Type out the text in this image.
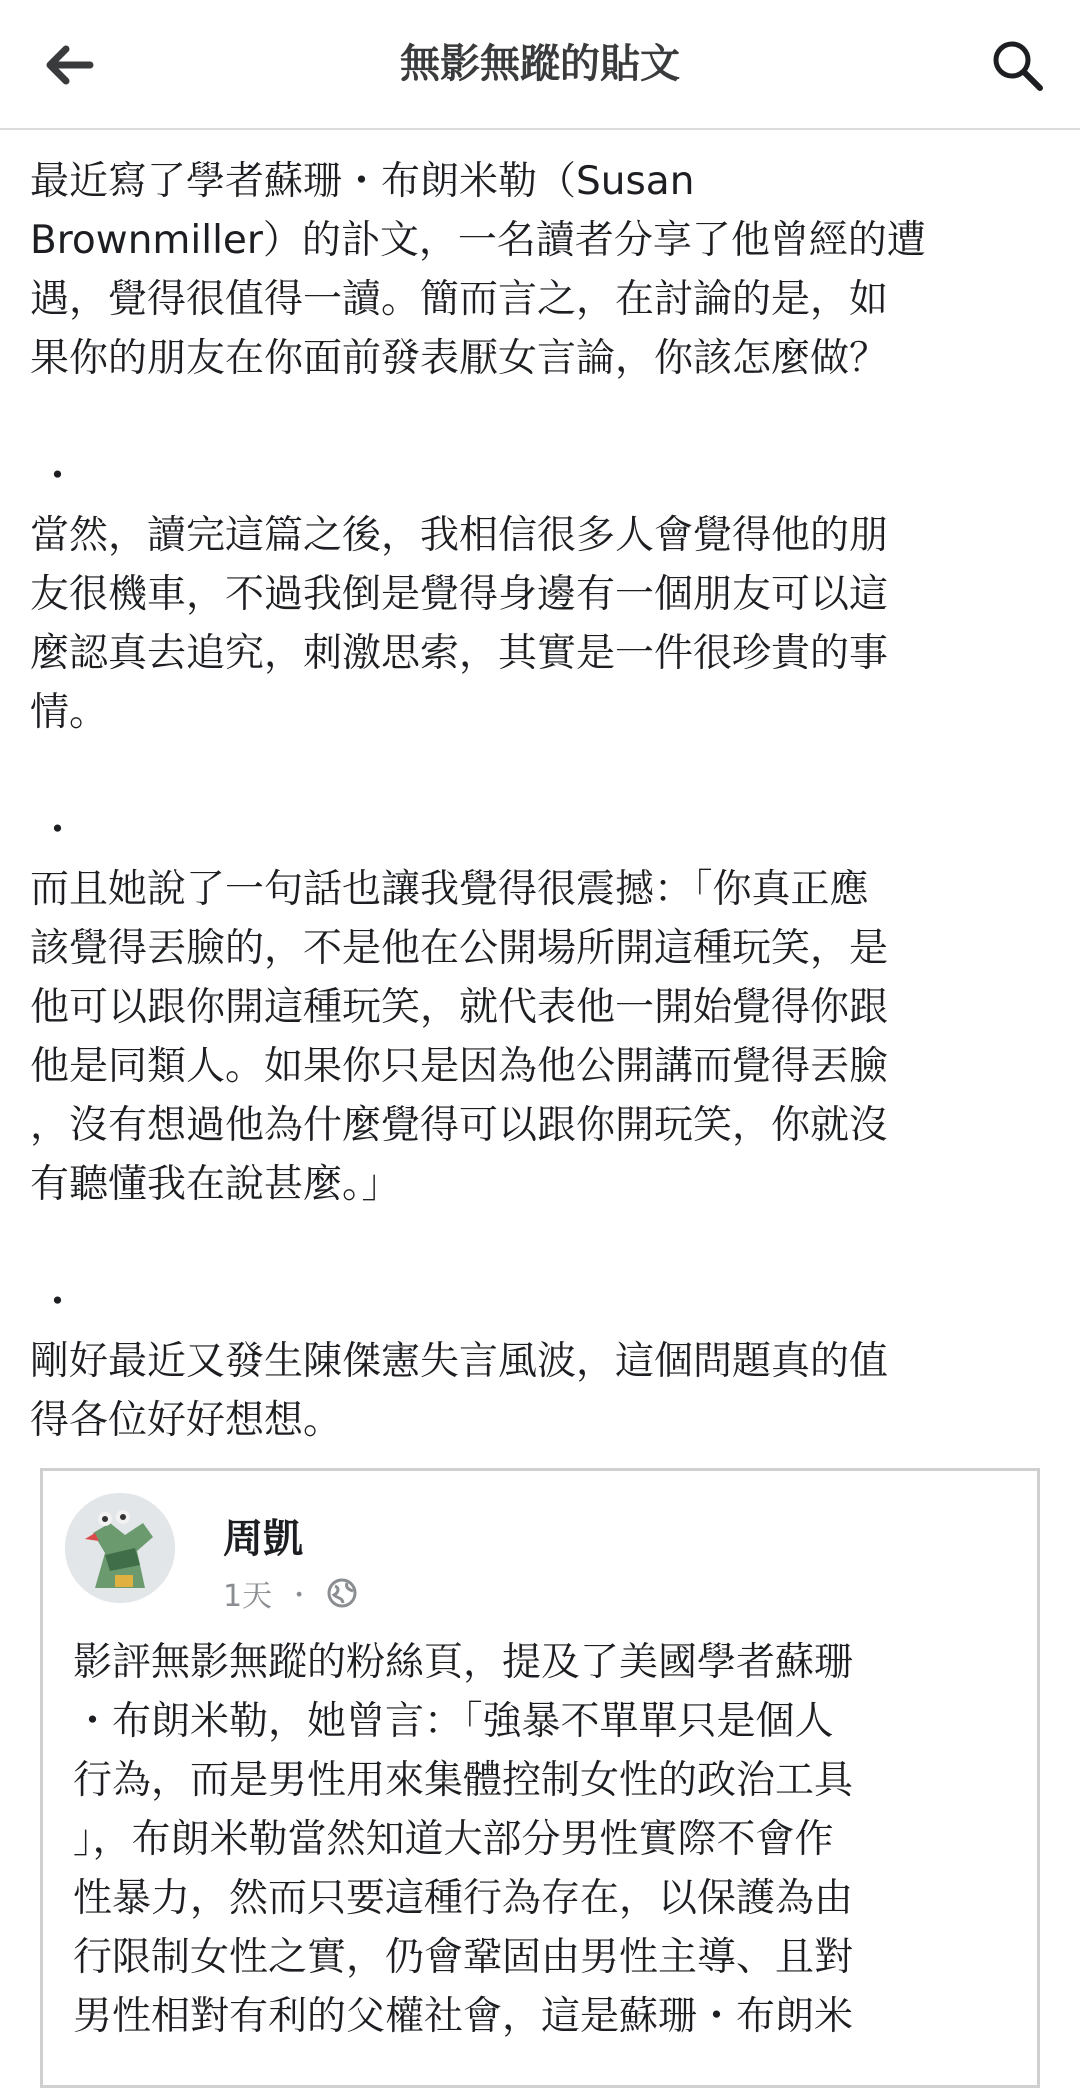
無影無蹤的貼文

最近寫了學者蘇珊・布朗米勒（Susan
Brownmiller）的訃文，一名讀者分享了他曾經的遭
遇，覺得很值得一讀。簡而言之，在討論的是，如
果你的朋友在你面前發表厭女言論，你該怎麼做？

・

當然，讀完這篇之後，我相信很多人會覺得他的朋
友很機車，不過我倒是覺得身邊有一個朋友可以這
麼認真去追究，刺激思索，其實是一件很珍貴的事
情。

・

而且她說了一句話也讓我覺得很震撼：「你真正應
該覺得丟臉的，不是他在公開場所開這種玩笑，是
他可以跟你開這種玩笑，就代表他一開始覺得你跟
他是同類人。如果你只是因為他公開講而覺得丟臉
，沒有想過他為什麼覺得可以跟你開玩笑，你就沒
有聽懂我在說甚麼。」

・

剛好最近又發生陳傑憲失言風波，這個問題真的值
得各位好好想想。

周凱
1天 ・
影評無影無蹤的粉絲頁，提及了美國學者蘇珊
・布朗米勒，她曾言：「強暴不單單只是個人
行為，而是男性用來集體控制女性的政治工具
」，布朗米勒當然知道大部分男性實際不會作
性暴力，然而只要這種行為存在，以保護為由
行限制女性之實，仍會鞏固由男性主導、且對
男性相對有利的父權社會，這是蘇珊・布朗米
